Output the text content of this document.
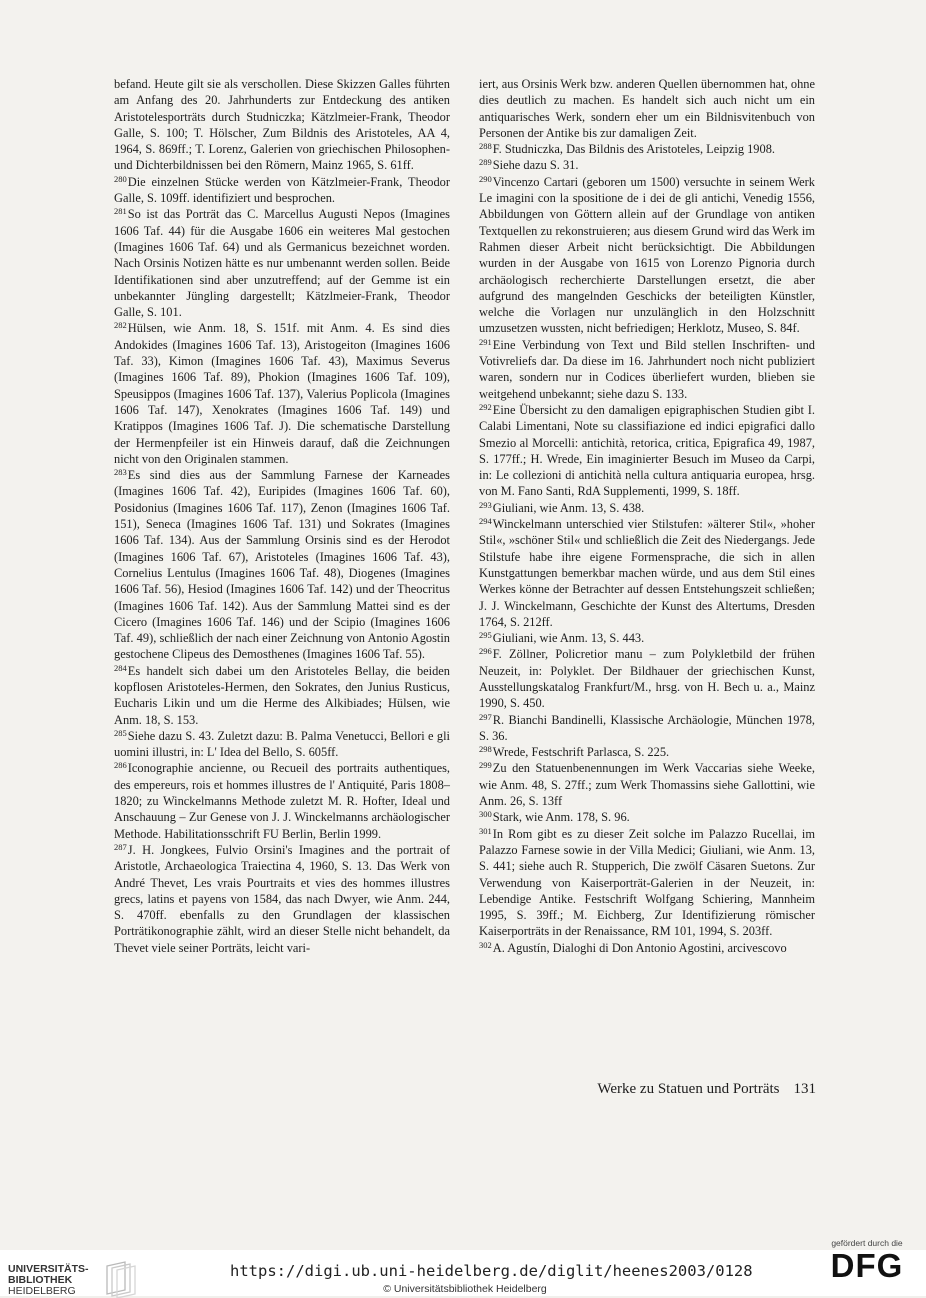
befand. Heute gilt sie als verschollen. Diese Skizzen Galles führten am Anfang des 20. Jahrhunderts zur Entdeckung des antiken Aristotelesporträts durch Studniczka; Kätzlmeier-Frank, Theodor Galle, S. 100; T. Hölscher, Zum Bildnis des Aristoteles, AA 4, 1964, S. 869ff.; T. Lorenz, Galerien von griechischen Philosophen- und Dichterbildnissen bei den Römern, Mainz 1965, S. 61ff.

$^{280}$Die einzelnen Stücke werden von Kätzlmeier-Frank, Theodor Galle, S. 109ff. identifiziert und besprochen.

$^{281}$So ist das Porträt das C. Marcellus Augusti Nepos (Imagines 1606 Taf. 44) für die Ausgabe 1606 ein weiteres Mal gestochen (Imagines 1606 Taf. 64) und als Germanicus bezeichnet worden. Nach Orsinis Notizen hätte es nur umbenannt werden sollen. Beide Identifikationen sind aber unzutreffend; auf der Gemme ist ein unbekannter Jüngling dargestellt; Kätzlmeier-Frank, Theodor Galle, S. 101.

$^{282}$Hülsen, wie Anm. 18, S. 151f. mit Anm. 4. Es sind dies Andokides (Imagines 1606 Taf. 13), Aristogeiton (Imagines 1606 Taf. 33), Kimon (Imagines 1606 Taf. 43), Maximus Severus (Imagines 1606 Taf. 89), Phokion (Imagines 1606 Taf. 109), Speusippos (Imagines 1606 Taf. 137), Valerius Poplicola (Imagines 1606 Taf. 147), Xenokrates (Imagines 1606 Taf. 149) und Kratippos (Imagines 1606 Taf. J). Die schematische Darstellung der Hermenpfeiler ist ein Hinweis darauf, daß die Zeichnungen nicht von den Originalen stammen.

$^{283}$Es sind dies aus der Sammlung Farnese der Karneades (Imagines 1606 Taf. 42), Euripides (Imagines 1606 Taf. 60), Posidonius (Imagines 1606 Taf. 117), Zenon (Imagines 1606 Taf. 151), Seneca (Imagines 1606 Taf. 131) und Sokrates (Imagines 1606 Taf. 134). Aus der Sammlung Orsinis sind es der Herodot (Imagines 1606 Taf. 67), Aristoteles (Imagines 1606 Taf. 43), Cornelius Lentulus (Imagines 1606 Taf. 48), Diogenes (Imagines 1606 Taf. 56), Hesiod (Imagines 1606 Taf. 142) und der Theocritus (Imagines 1606 Taf. 142). Aus der Sammlung Mattei sind es der Cicero (Imagines 1606 Taf. 146) und der Scipio (Imagines 1606 Taf. 49), schließlich der nach einer Zeichnung von Antonio Agostin gestochene Clipeus des Demosthenes (Imagines 1606 Taf. 55).

$^{284}$Es handelt sich dabei um den Aristoteles Bellay, die beiden kopflosen Aristoteles-Hermen, den Sokrates, den Junius Rusticus, Eucharis Likin und um die Herme des Alkibiades; Hülsen, wie Anm. 18, S. 153.

$^{285}$Siehe dazu S. 43. Zuletzt dazu: B. Palma Venetucci, Bellori e gli uomini illustri, in: L' Idea del Bello, S. 605ff.

$^{286}$Iconographie ancienne, ou Recueil des portraits authentiques, des empereurs, rois et hommes illustres de l' Antiquité, Paris 1808–1820; zu Winckelmanns Methode zuletzt M. R. Hofter, Ideal und Anschauung – Zur Genese von J. J. Winckelmanns archäologischer Methode. Habilitationsschrift FU Berlin, Berlin 1999.

$^{287}$J. H. Jongkees, Fulvio Orsini's Imagines and the portrait of Aristotle, Archaeologica Traiectina 4, 1960, S. 13. Das Werk von André Thevet, Les vrais Pourtraits et vies des hommes illustres grecs, latins et payens von 1584, das nach Dwyer, wie Anm. 244, S. 470ff. ebenfalls zu den Grundlagen der klassischen Porträtikonographie zählt, wird an dieser Stelle nicht behandelt, da Thevet viele seiner Porträts, leicht vari-

iert, aus Orsinis Werk bzw. anderen Quellen übernommen hat, ohne dies deutlich zu machen. Es handelt sich auch nicht um ein antiquarisches Werk, sondern eher um ein Bildnisvitenbuch von Personen der Antike bis zur damaligen Zeit.

$^{288}$F. Studniczka, Das Bildnis des Aristoteles, Leipzig 1908.

$^{289}$Siehe dazu S. 31.

$^{290}$Vincenzo Cartari (geboren um 1500) versuchte in seinem Werk Le imagini con la spositione de i dei de gli antichi, Venedig 1556, Abbildungen von Göttern allein auf der Grundlage von antiken Textquellen zu rekonstruieren; aus diesem Grund wird das Werk im Rahmen dieser Arbeit nicht berücksichtigt. Die Abbildungen wurden in der Ausgabe von 1615 von Lorenzo Pignoria durch archäologisch recherchierte Darstellungen ersetzt, die aber aufgrund des mangelnden Geschicks der beteiligten Künstler, welche die Vorlagen nur unzulänglich in den Holzschnitt umzusetzen wussten, nicht befriedigen; Herklotz, Museo, S. 84f.

$^{291}$Eine Verbindung von Text und Bild stellen Inschriften- und Votivreliefs dar. Da diese im 16. Jahrhundert noch nicht publiziert waren, sondern nur in Codices überliefert wurden, blieben sie weitgehend unbekannt; siehe dazu S. 133.

$^{292}$Eine Übersicht zu den damaligen epigraphischen Studien gibt I. Calabi Limentani, Note su classifiazione ed indici epigrafici dallo Smezio al Morcelli: antichità, retorica, critica, Epigrafica 49, 1987, S. 177ff.; H. Wrede, Ein imaginierter Besuch im Museo da Carpi, in: Le collezioni di antichità nella cultura antiquaria europea, hrsg. von M. Fano Santi, RdA Supplementi, 1999, S. 18ff.

$^{293}$Giuliani, wie Anm. 13, S. 438.

$^{294}$Winckelmann unterschied vier Stilstufen: »älterer Stil«, »hoher Stil«, »schöner Stil« und schließlich die Zeit des Niedergangs. Jede Stilstufe habe ihre eigene Formensprache, die sich in allen Kunstgattungen bemerkbar machen würde, und aus dem Stil eines Werkes könne der Betrachter auf dessen Entstehungszeit schließen; J. J. Winckelmann, Geschichte der Kunst des Altertums, Dresden 1764, S. 212ff.

$^{295}$Giuliani, wie Anm. 13, S. 443.

$^{296}$F. Zöllner, Policretior manu – zum Polykletbild der frühen Neuzeit, in: Polyklet. Der Bildhauer der griechischen Kunst, Ausstellungskatalog Frankfurt/M., hrsg. von H. Bech u. a., Mainz 1990, S. 450.

$^{297}$R. Bianchi Bandinelli, Klassische Archäologie, München 1978, S. 36.

$^{298}$Wrede, Festschrift Parlasca, S. 225.

$^{299}$Zu den Statuenbenennungen im Werk Vaccarias siehe Weeke, wie Anm. 48, S. 27ff.; zum Werk Thomassins siehe Gallottini, wie Anm. 26, S. 13ff

$^{300}$Stark, wie Anm. 178, S. 96.

$^{301}$In Rom gibt es zu dieser Zeit solche im Palazzo Rucellai, im Palazzo Farnese sowie in der Villa Medici; Giuliani, wie Anm. 13, S. 441; siehe auch R. Stupperich, Die zwölf Cäsaren Suetons. Zur Verwendung von Kaiserporträt-Galerien in der Neuzeit, in: Lebendige Antike. Festschrift Wolfgang Schiering, Mannheim 1995, S. 39ff.; M. Eichberg, Zur Identifizierung römischer Kaiserporträts in der Renaissance, RM 101, 1994, S. 203ff.

$^{302}$A. Agustín, Dialoghi di Don Antonio Agostini, arcivescovo

Werke zu Statuen und Porträts 131
UNIVERSITÄTS-
BIBLIOTHEK
HEIDELBERG
https://digi.ub.uni-heidelberg.de/diglit/heenes2003/0128
© Universitätsbibliothek Heidelberg
gefördert durch die
DFG
